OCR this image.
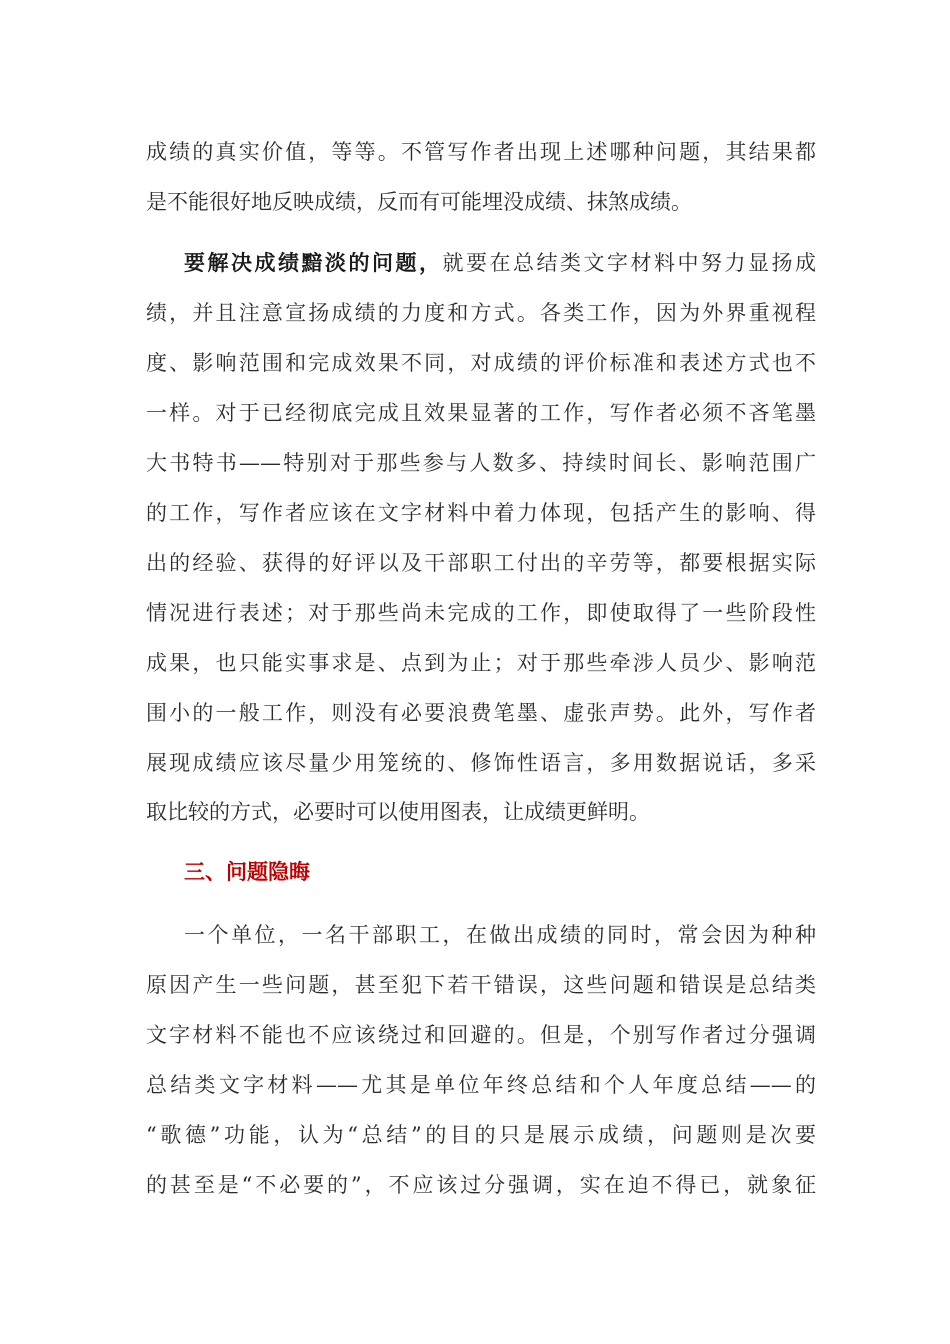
成绩的真实价值，等等。不管写作者出现上述哪种问题，其结果都
是不能很好地反映成绩，反而有可能埋没成绩、抹煞成绩。
要解决成绩黯淡的问题，就要在总结类文字材料中努力显扬成
绩，并且注意宣扬成绩的力度和方式。各类工作，因为外界重视程
度、影响范围和完成效果不同，对成绩的评价标准和表述方式也不
一样。对于已经彻底完成且效果显著的工作，写作者必须不吝笔墨
大书特书——特别对于那些参与人数多、持续时间长、影响范围广
的工作，写作者应该在文字材料中着力体现，包括产生的影响、得
出的经验、获得的好评以及干部职工付出的辛劳等，都要根据实际
情况进行表述；对于那些尚未完成的工作，即使取得了一些阶段性
成果，也只能实事求是、点到为止；对于那些牵涉人员少、影响范
围小的一般工作，则没有必要浪费笔墨、虚张声势。此外，写作者
展现成绩应该尽量少用笼统的、修饰性语言，多用数据说话，多采
取比较的方式，必要时可以使用图表，让成绩更鲜明。
三、问题隐晦
一个单位，一名干部职工，在做出成绩的同时，常会因为种种
原因产生一些问题，甚至犯下若干错误，这些问题和错误是总结类
文字材料不能也不应该绕过和回避的。但是，个别写作者过分强调
总结类文字材料——尤其是单位年终总结和个人年度总结——的
“歌德”功能，认为“总结”的目的只是展示成绩，问题则是次要
的甚至是“不必要的”，不应该过分强调，实在迫不得已，就象征
